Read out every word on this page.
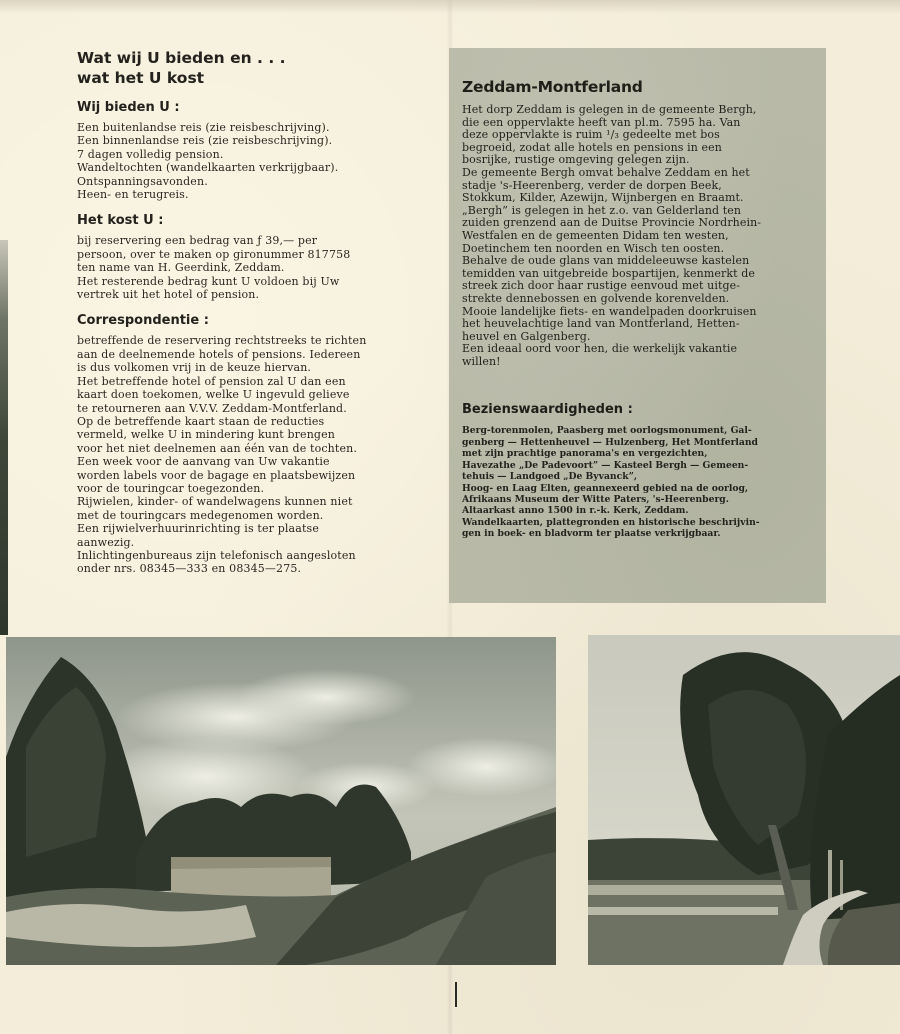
Wat wij U bieden en . . .
wat het U kost
Wij bieden U :

Een buitenlandse reis (zie reisbeschrijving).
Een binnenlandse reis (zie reisbeschrijving).
7 dagen volledig pension.
Wandeltochten (wandelkaarten verkrijgbaar).
Ontspanningsavonden.
Heen- en terugreis.

Het kost U :

bij reservering een bedrag van ƒ 39,— per
persoon, over te maken op gironummer 817758
ten name van H. Geerdink, Zeddam.
Het resterende bedrag kunt U voldoen bij Uw
vertrek uit het hotel of pension.

Correspondentie :

betreffende de reservering rechtstreeks te richten
aan de deelnemende hotels of pensions. Iedereen
is dus volkomen vrij in de keuze hiervan.
Het betreffende hotel of pension zal U dan een
kaart doen toekomen, welke U ingevuld gelieve
te retourneren aan V.V.V. Zeddam-Montferland.
Op de betreffende kaart staan de reducties
vermeld, welke U in mindering kunt brengen
voor het niet deelnemen aan één van de tochten.
Een week voor de aanvang van Uw vakantie
worden labels voor de bagage en plaatsbewijzen
voor de touringcar toegezonden.
Rijwielen, kinder- of wandelwagens kunnen niet
met de touringcars medegenomen worden.
Een rijwielverhuurinrichting is ter plaatse
aanwezig.
Inlichtingenbureaus zijn telefonisch aangesloten
onder nrs. 08345—333 en 08345—275.

Zeddam-Montferland

Het dorp Zeddam is gelegen in de gemeente Bergh,
die een oppervlakte heeft van pl.m. 7595 ha. Van
deze oppervlakte is ruim ¹/₃ gedeelte met bos
begroeid, zodat alle hotels en pensions in een
bosrijke, rustige omgeving gelegen zijn.
De gemeente Bergh omvat behalve Zeddam en het
stadje 's-Heerenberg, verder de dorpen Beek,
Stokkum, Kilder, Azewijn, Wijnbergen en Braamt.
„Bergh” is gelegen in het z.o. van Gelderland ten
zuiden grenzend aan de Duitse Provincie Nordrhein-
Westfalen en de gemeenten Didam ten westen,
Doetinchem ten noorden en Wisch ten oosten.
Behalve de oude glans van middeleeuwse kastelen
temidden van uitgebreide bospartijen, kenmerkt de
streek zich door haar rustige eenvoud met uitge-
strekte dennebossen en golvende korenvelden.
Mooie landelijke fiets- en wandelpaden doorkruisen
het heuvelachtige land van Montferland, Hetten-
heuvel en Galgenberg.
Een ideaal oord voor hen, die werkelijk vakantie
willen!

Bezienswaardigheden :

Berg-torenmolen, Paasberg met oorlogsmonument, Gal-
genberg — Hettenheuvel — Hulzenberg, Het Montferland
met zijn prachtige panorama's en vergezichten,
Havezathe „De Padevoort” — Kasteel Bergh — Gemeen-
tehuis — Landgoed „De Byvanck”,
Hoog- en Laag Elten, geannexeerd gebied na de oorlog,
Afrikaans Museum der Witte Paters, 's-Heerenberg.
Altaarkast anno 1500 in r.-k. Kerk, Zeddam.
Wandelkaarten, plattegronden en historische beschrijvin-
gen in boek- en bladvorm ter plaatse verkrijgbaar.
